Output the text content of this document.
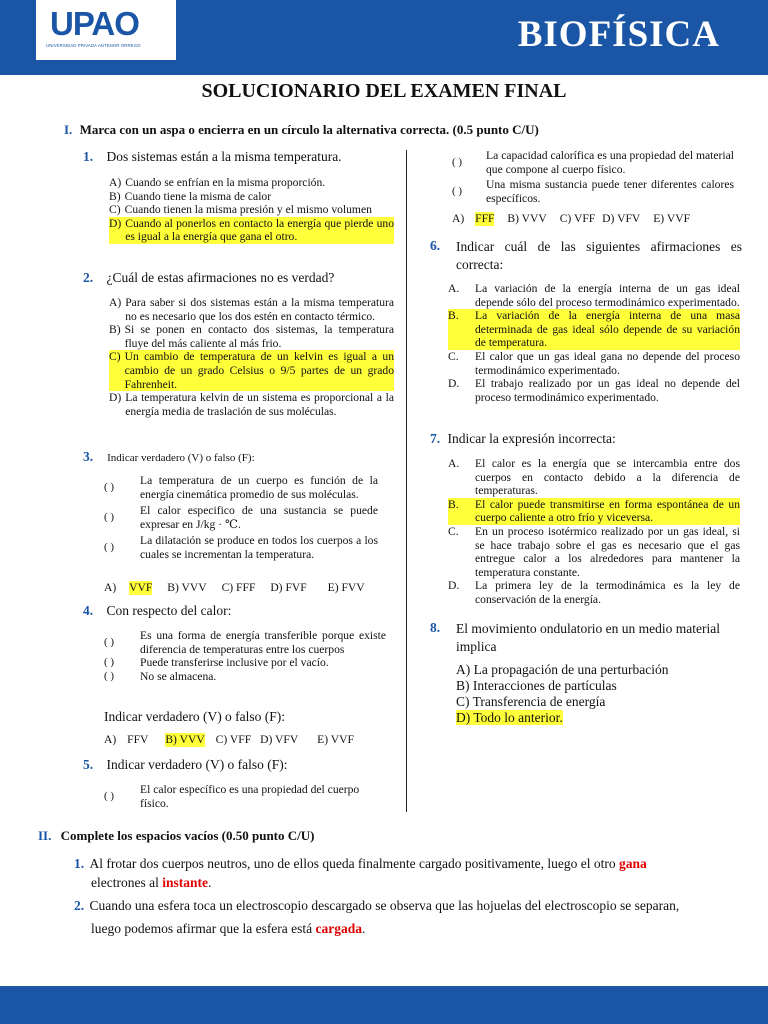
UPAO
UNIVERSIDAD PRIVADA ANTENOR ORREGO	BIOFÍSICA
SOLUCIONARIO DEL EXAMEN FINAL
I. Marca con un aspa o encierra en un círculo la alternativa correcta. (0.5 punto C/U)
1. Dos sistemas están a la misma temperatura.
A) Cuando se enfrían en la misma proporción.
B) Cuando tiene la misma de calor
C) Cuando tienen la misma presión y el mismo volumen
D) Cuando al ponerlos en contacto la energía que pierde uno es igual a la energía que gana el otro.
2. ¿Cuál de estas afirmaciones no es verdad?
A) Para saber si dos sistemas están a la misma temperatura no es necesario que los dos estén en contacto térmico.
B) Si se ponen en contacto dos sistemas, la temperatura fluye del más caliente al más frio.
C) Un cambio de temperatura de un kelvin es igual a un cambio de un grado Celsius o 9/5 partes de un grado Fahrenheit.
D) La temperatura kelvin de un sistema es proporcional a la energía media de traslación de sus moléculas.
3. Indicar verdadero (V) o falso (F):
( )	La temperatura de un cuerpo es función de la energía cinemática promedio de sus moléculas.
( )	El calor especifico de una sustancia se puede expresar en J/kg · ℃.
( )	La dilatación se produce en todos los cuerpos a los cuales se incrementan la temperatura.
A) VVF B) VVV C) FFF D) FVF E) FVV
4. Con respecto del calor:
( )	Es una forma de energía transferible porque existe diferencia de temperaturas entre los cuerpos
( )	Puede transferirse inclusive por el vacío.
( )	No se almacena.
Indicar verdadero (V) o falso (F):
A) FFV B) VVV C) VFF D) VFV E) VVF
5. Indicar verdadero (V) o falso (F):
( )	El calor específico es una propiedad del cuerpo físico.
( )	La capacidad calorífica es una propiedad del material que compone al cuerpo físico.
( )	Una misma sustancia puede tener diferentes calores específicos.
A) FFF B) VVV C) VFF D) VFV E) VVF
6.	Indicar cuál de las siguientes afirmaciones es correcta:
A.	La variación de la energía interna de un gas ideal depende sólo del proceso termodinámico experimentado.
B.	La variación de la energía interna de una masa determinada de gas ideal sólo depende de su variación de temperatura.
C.	El calor que un gas ideal gana no depende del proceso termodinámico experimentado.
D.	El trabajo realizado por un gas ideal no depende del proceso termodinámico experimentado.
7. Indicar la expresión incorrecta:
A.	El calor es la energía que se intercambia entre dos cuerpos en contacto debido a la diferencia de temperaturas.
B.	El calor puede transmitirse en forma espontánea de un cuerpo caliente a otro frío y viceversa.
C.	En un proceso isotérmico realizado por un gas ideal, si se hace trabajo sobre el gas es necesario que el gas entregue calor a los alrededores para mantener la temperatura constante.
D.	La primera ley de la termodinámica es la ley de conservación de la energía.
8.	El movimiento ondulatorio en un medio material implica
A) La propagación de una perturbación
B) Interacciones de partículas
C) Transferencia de energía
D) Todo lo anterior.
II. Complete los espacios vacíos (0.50 punto C/U)
1. Al frotar dos cuerpos neutros, uno de ellos queda finalmente cargado positivamente, luego el otro gana
electrones al instante.
2. Cuando una esfera toca un electroscopio descargado se observa que las hojuelas del electroscopio se separan,
luego podemos afirmar que la esfera está cargada.
